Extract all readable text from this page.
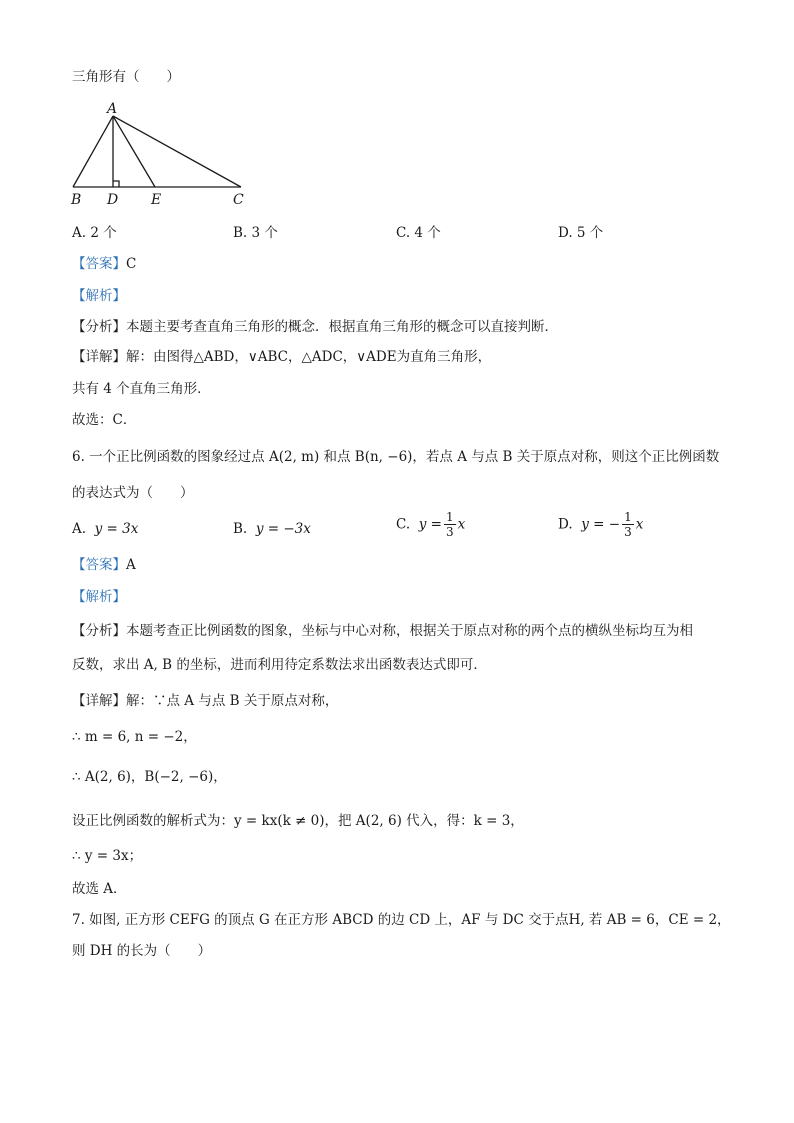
三角形有（　　）
A
B D E	C
A. 2 个	B. 3 个	C. 4 个	D. 5 个
【答案】C
【解析】
【分析】本题主要考查直角三角形的概念．根据直角三角形的概念可以直接判断．
【详解】解：由图得△ABD，∨ABC，△ADC，∨ADE为直角三角形，
共有 4 个直角三角形．
故选：C．
6. 一个正比例函数的图象经过点 A(2, m) 和点 B(n, −6)，若点 A 与点 B 关于原点对称，则这个正比例函数
的表达式为（　　）
A. y = 3x	B. y = −3x	C. $y = \frac{1}{3}$ x	D. y = − $\frac{1}{3}$ x
【答案】A
【解析】
【分析】本题考查正比例函数的图象，坐标与中心对称，根据关于原点对称的两个点的横纵坐标均互为相
反数，求出 A, B 的坐标，进而利用待定系数法求出函数表达式即可．
【详解】解：∵点 A 与点 B 关于原点对称，
∴ m = 6, n = −2，
∴ A(2, 6)，B(−2, −6)，
设正比例函数的解析式为：y = kx(k ≠ 0)，把 A(2, 6) 代入，得：k = 3，
∴ y = 3x；
故选 A．
7. 如图, 正方形 CEFG 的顶点 G 在正方形 ABCD 的边 CD 上，AF 与 DC 交于点H, 若 AB = 6，CE = 2，
则 DH 的长为（　　）
